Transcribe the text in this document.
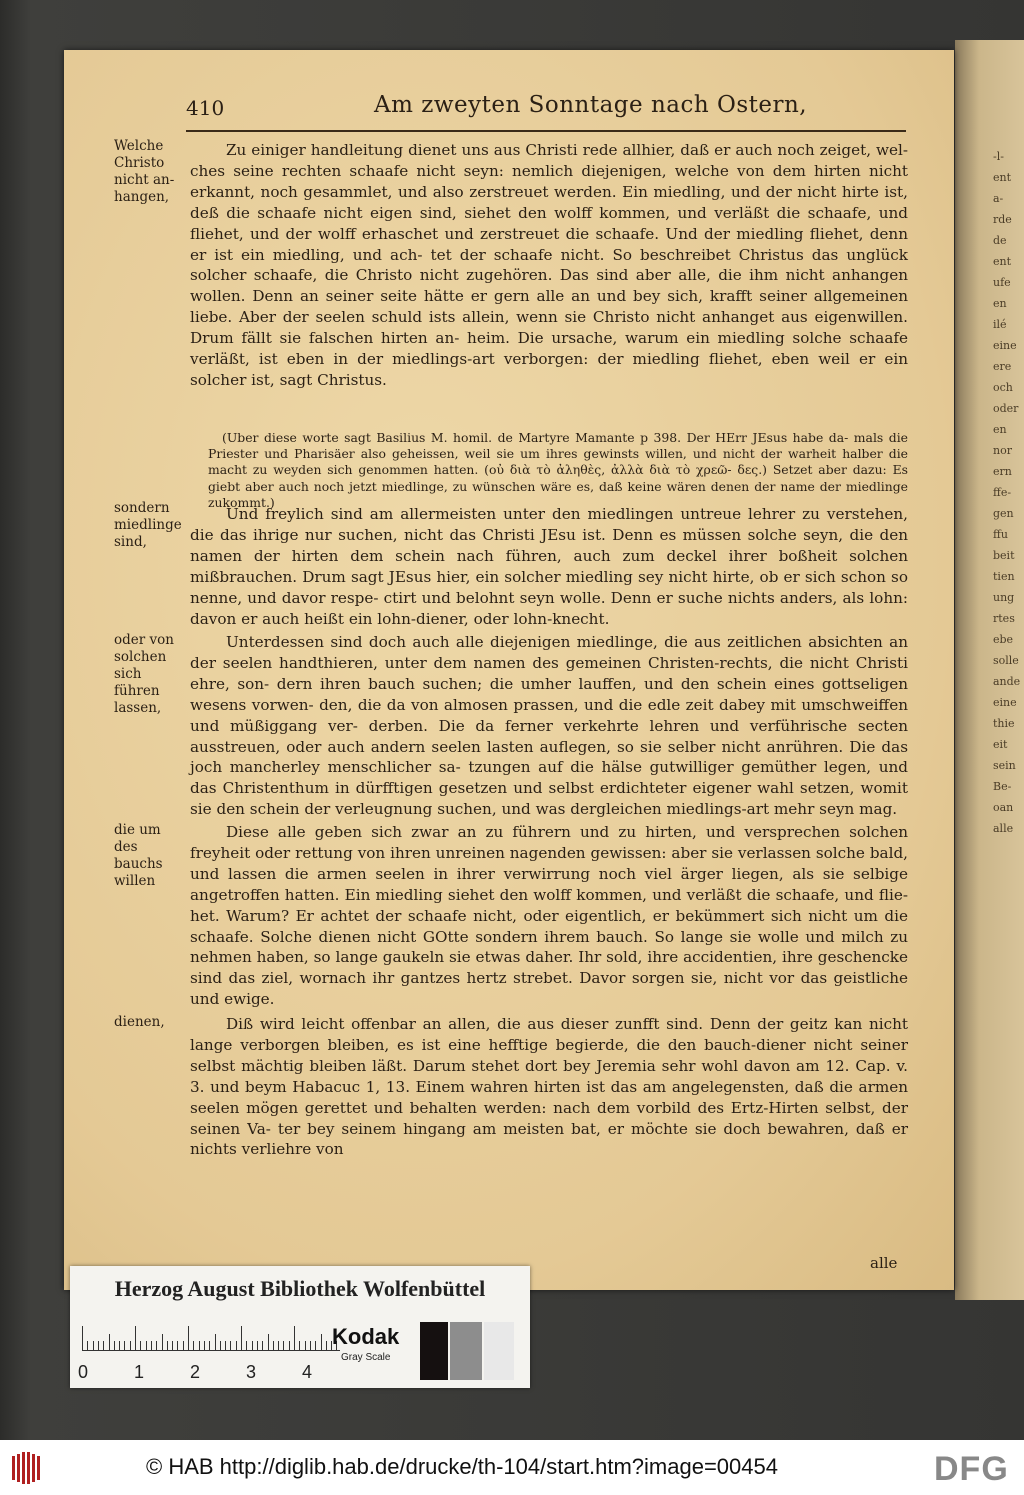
-l-
ent
a-
rde
de
ent
ufe
en
ilé
eine
ere
och
oder
en
nor
ern
ffe-
gen
ffu
beit
tien
ung
rtes
ebe
solle
ande
eine
thie
eit
sein
Be-
oan
alle
410	Am zweyten Sonntage nach Ostern,
Welche
Christo
nicht an-
hangen,
sondern
miedlinge
sind,
oder von
solchen
sich führen
lassen,
die um
des bauchs
willen
dienen,

Zu einiger handleitung dienet uns aus Christi rede allhier, daß er auch noch zeiget, wel- ches seine rechten schaafe nicht seyn: nemlich diejenigen, welche von dem hirten nicht erkannt, noch gesammlet, und also zerstreuet werden. Ein miedling, und der nicht hirte ist, deß die schaafe nicht eigen sind, siehet den wolff kommen, und verläßt die schaafe, und fliehet, und der wolff erhaschet und zerstreuet die schaafe. Und der miedling fliehet, denn er ist ein miedling, und ach- tet der schaafe nicht. So beschreibet Christus das unglück solcher schaafe, die Christo nicht zugehören. Das sind aber alle, die ihm nicht anhangen wollen. Denn an seiner seite hätte er gern alle an und bey sich, krafft seiner allgemeinen liebe. Aber der seelen schuld ists allein, wenn sie Christo nicht anhanget aus eigenwillen. Drum fällt sie falschen hirten an- heim. Die ursache, warum ein miedling solche schaafe verläßt, ist eben in der miedlings-art verborgen: der miedling fliehet, eben weil er ein solcher ist, sagt Christus.

(Uber diese worte sagt Basilius M. homil. de Martyre Mamante p 398. Der HErr JEsus habe da- mals die Priester und Pharisäer also geheissen, weil sie um ihres gewinsts willen, und nicht der warheit halber die macht zu weyden sich genommen hatten. (οὐ διὰ τὸ ἀληθὲς, ἀλλὰ διὰ τὸ χρεῶ- δες.) Setzet aber dazu: Es giebt aber auch noch jetzt miedlinge, zu wünschen wäre es, daß keine wären denen der name der miedlinge zukommt.)

Und freylich sind am allermeisten unter den miedlingen untreue lehrer zu verstehen, die das ihrige nur suchen, nicht das Christi JEsu ist. Denn es müssen solche seyn, die den namen der hirten dem schein nach führen, auch zum deckel ihrer boßheit solchen mißbrauchen. Drum sagt JEsus hier, ein solcher miedling sey nicht hirte, ob er sich schon so nenne, und davor respe- ctirt und belohnt seyn wolle. Denn er suche nichts anders, als lohn: davon er auch heißt ein lohn-diener, oder lohn-knecht.

Unterdessen sind doch auch alle diejenigen miedlinge, die aus zeitlichen absichten an der seelen handthieren, unter dem namen des gemeinen Christen-rechts, die nicht Christi ehre, son- dern ihren bauch suchen; die umher lauffen, und den schein eines gottseligen wesens vorwen- den, die da von almosen prassen, und die edle zeit dabey mit umschweiffen und müßiggang ver- derben. Die da ferner verkehrte lehren und verführische secten ausstreuen, oder auch andern seelen lasten auflegen, so sie selber nicht anrühren. Die das joch mancherley menschlicher sa- tzungen auf die hälse gutwilliger gemüther legen, und das Christenthum in dürfftigen gesetzen und selbst erdichteter eigener wahl setzen, womit sie den schein der verleugnung suchen, und was dergleichen miedlings-art mehr seyn mag.

Diese alle geben sich zwar an zu führern und zu hirten, und versprechen solchen freyheit oder rettung von ihren unreinen nagenden gewissen: aber sie verlassen solche bald, und lassen die armen seelen in ihrer verwirrung noch viel ärger liegen, als sie selbige angetroffen hatten. Ein miedling siehet den wolff kommen, und verläßt die schaafe, und flie- het. Warum? Er achtet der schaafe nicht, oder eigentlich, er bekümmert sich nicht um die schaafe. Solche dienen nicht GOtte sondern ihrem bauch. So lange sie wolle und milch zu nehmen haben, so lange gaukeln sie etwas daher. Ihr sold, ihre accidentien, ihre geschencke sind das ziel, wornach ihr gantzes hertz strebet. Davor sorgen sie, nicht vor das geistliche und ewige.

Diß wird leicht offenbar an allen, die aus dieser zunfft sind. Denn der geitz kan nicht lange verborgen bleiben, es ist eine hefftige begierde, die den bauch-diener nicht seiner selbst mächtig bleiben läßt. Darum stehet dort bey Jeremia sehr wohl davon am 12. Cap. v. 3. und beym Habacuc 1, 13. Einem wahren hirten ist das am angelegensten, daß die armen seelen mögen gerettet und behalten werden: nach dem vorbild des Ertz-Hirten selbst, der seinen Va- ter bey seinem hingang am meisten bat, er möchte sie doch bewahren, daß er nichts verliehre von

alle
Herzog August Bibliothek Wolfenbüttel
0	1	2	3	4
Kodak
Gray Scale
© HAB http://diglib.hab.de/drucke/th-104/start.htm?image=00454	DFG
